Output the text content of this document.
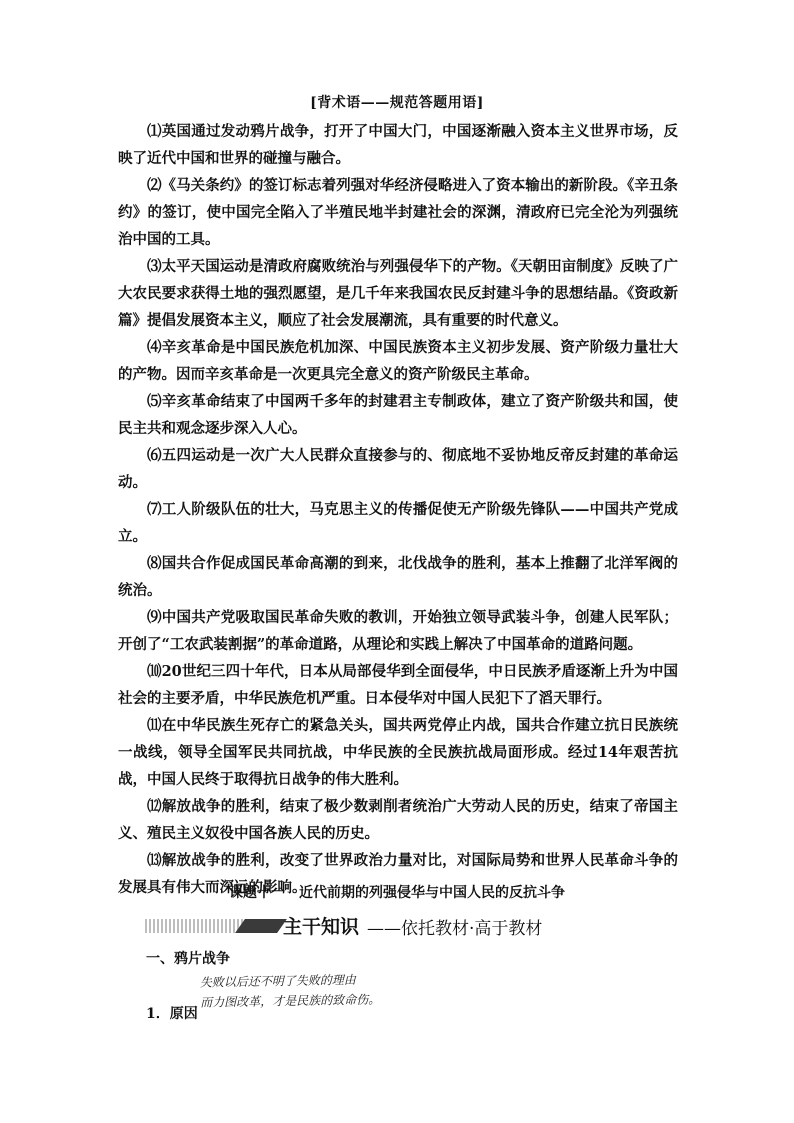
[背术语——规范答题用语]

⑴英国通过发动鸦片战争，打开了中国大门，中国逐渐融入资本主义世界市场，反映了近代中国和世界的碰撞与融合。

⑵《马关条约》的签订标志着列强对华经济侵略进入了资本输出的新阶段。《辛丑条约》的签订，使中国完全陷入了半殖民地半封建社会的深渊，清政府已完全沦为列强统治中国的工具。

⑶太平天国运动是清政府腐败统治与列强侵华下的产物。《天朝田亩制度》反映了广大农民要求获得土地的强烈愿望，是几千年来我国农民反封建斗争的思想结晶。《资政新篇》提倡发展资本主义，顺应了社会发展潮流，具有重要的时代意义。

⑷辛亥革命是中国民族危机加深、中国民族资本主义初步发展、资产阶级力量壮大的产物。因而辛亥革命是一次更具完全意义的资产阶级民主革命。

⑸辛亥革命结束了中国两千多年的封建君主专制政体，建立了资产阶级共和国，使民主共和观念逐步深入人心。

⑹五四运动是一次广大人民群众直接参与的、彻底地不妥协地反帝反封建的革命运动。

⑺工人阶级队伍的壮大，马克思主义的传播促使无产阶级先锋队——中国共产党成立。

⑻国共合作促成国民革命高潮的到来，北伐战争的胜利，基本上推翻了北洋军阀的统治。

⑼中国共产党吸取国民革命失败的教训，开始独立领导武装斗争，创建人民军队；开创了“工农武装割据”的革命道路，从理论和实践上解决了中国革命的道路问题。

⑽20世纪三四十年代，日本从局部侵华到全面侵华，中日民族矛盾逐渐上升为中国社会的主要矛盾，中华民族危机严重。日本侵华对中国人民犯下了滔天罪行。

⑾在中华民族生死存亡的紧急关头，国共两党停止内战，国共合作建立抗日民族统一战线，领导全国军民共同抗战，中华民族的全民族抗战局面形成。经过14年艰苦抗战，中国人民终于取得抗日战争的伟大胜利。

⑿解放战争的胜利，结束了极少数剥削者统治广大劳动人民的历史，结束了帝国主义、殖民主义奴役中国各族人民的历史。

⒀解放战争的胜利，改变了世界政治力量对比，对国际局势和世界人民革命斗争的发展具有伟大而深远的影响。

课题十一　近代前期的列强侵华与中国人民的反抗斗争
主干知识 ——依托教材·高于教材
一、鸦片战争
失败以后还不明了失败的理由
而力图改革，才是民族的致命伤。
1．原因
